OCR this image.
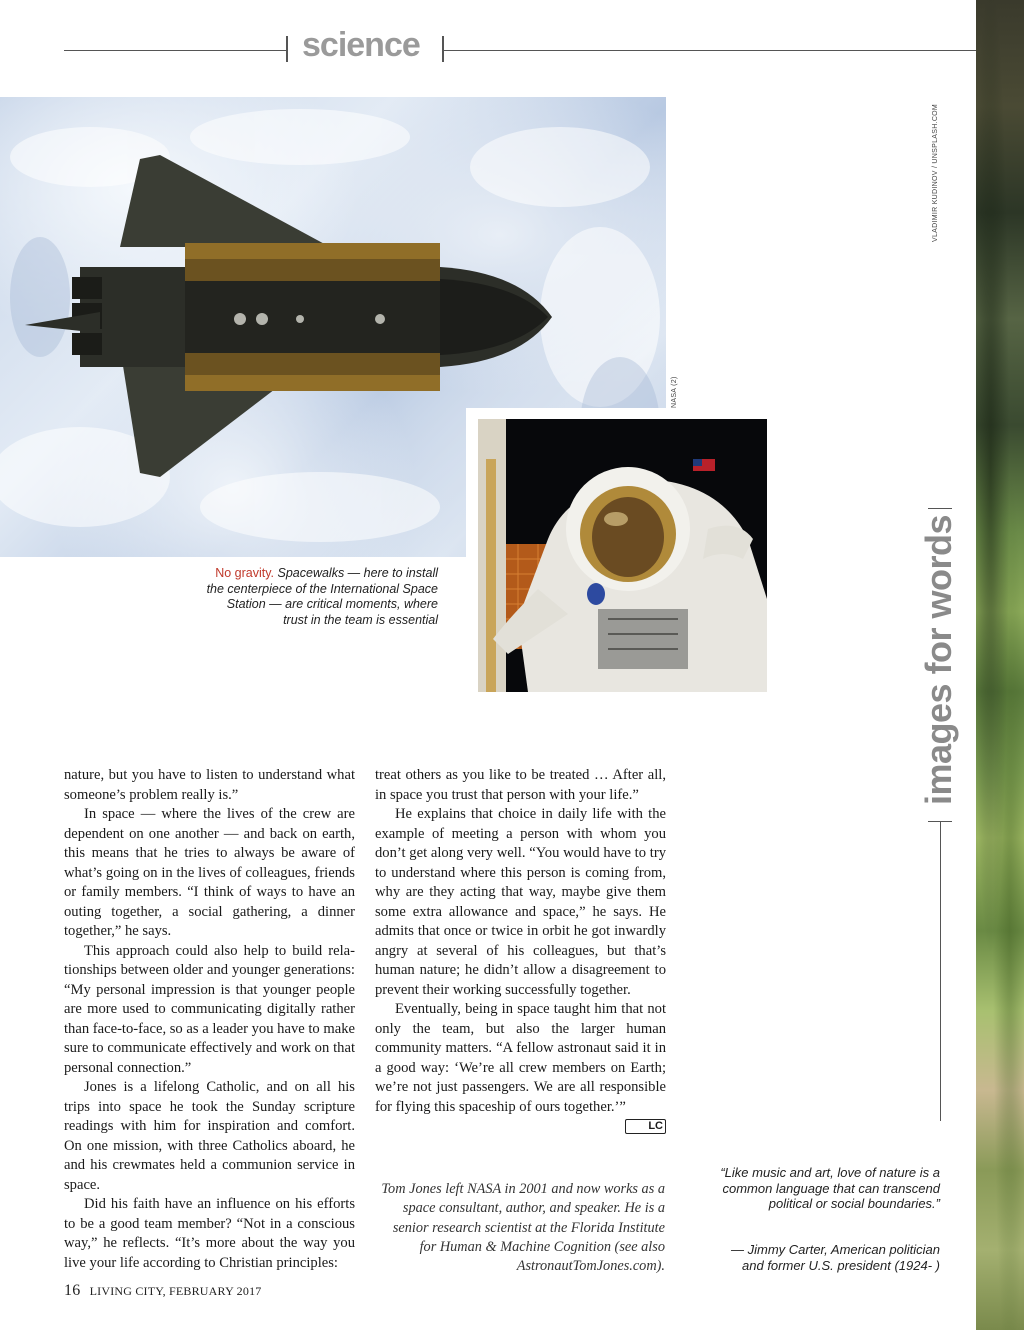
science
VLADIMIR KUDINOV / UNSPLASH.COM
NASA (2)
No gravity. Spacewalks — here to install the centerpiece of the International Space Station — are critical moments, where trust in the team is essential

nature, but you have to listen to understand what someone’s problem really is.”

In space — where the lives of the crew are dependent on one another — and back on earth, this means that he tries to always be aware of what’s going on in the lives of colleagues, friends or family members. “I think of ways to have an outing together, a social gathering, a dinner together,” he says.

This approach could also help to build relationships between older and younger generations: “My personal impression is that younger people are more used to communicating digitally rather than face-to-face, so as a leader you have to make sure to communicate effectively and work on that personal connection.”

Jones is a lifelong Catholic, and on all his trips into space he took the Sunday scripture readings with him for inspiration and comfort. On one mission, with three Catholics aboard, he and his crewmates held a communion service in space.

Did his faith have an influence on his efforts to be a good team member? “Not in a conscious way,” he reflects. “It’s more about the way you live your life according to Christian principles:

treat others as you like to be treated … After all, in space you trust that person with your life.”

He explains that choice in daily life with the example of meeting a person with whom you don’t get along very well. “You would have to try to understand where this person is coming from, why are they acting that way, maybe give them some extra allowance and space,” he says. He admits that once or twice in orbit he got inwardly angry at several of his colleagues, but that’s human nature; he didn’t allow a disagreement to prevent their working successfully together.

Eventually, being in space taught him that not only the team, but also the larger human community matters. “A fellow astronaut said it in a good way: ‘We’re all crew members on Earth; we’re not just passengers. We are all responsible for flying this spaceship of ours together.’”
LC

Tom Jones left NASA in 2001 and now works as a space consultant, author, and speaker. He is a senior research scientist at the Florida Institute for Human & Machine Cognition (see also AstronautTomJones.com).
images for words
“Like music and art, love of nature is a common language that can transcend political or social boundaries.”
— Jimmy Carter, American politician and former U.S. president (1924- )
16 LIVING CITY, FEBRUARY 2017
